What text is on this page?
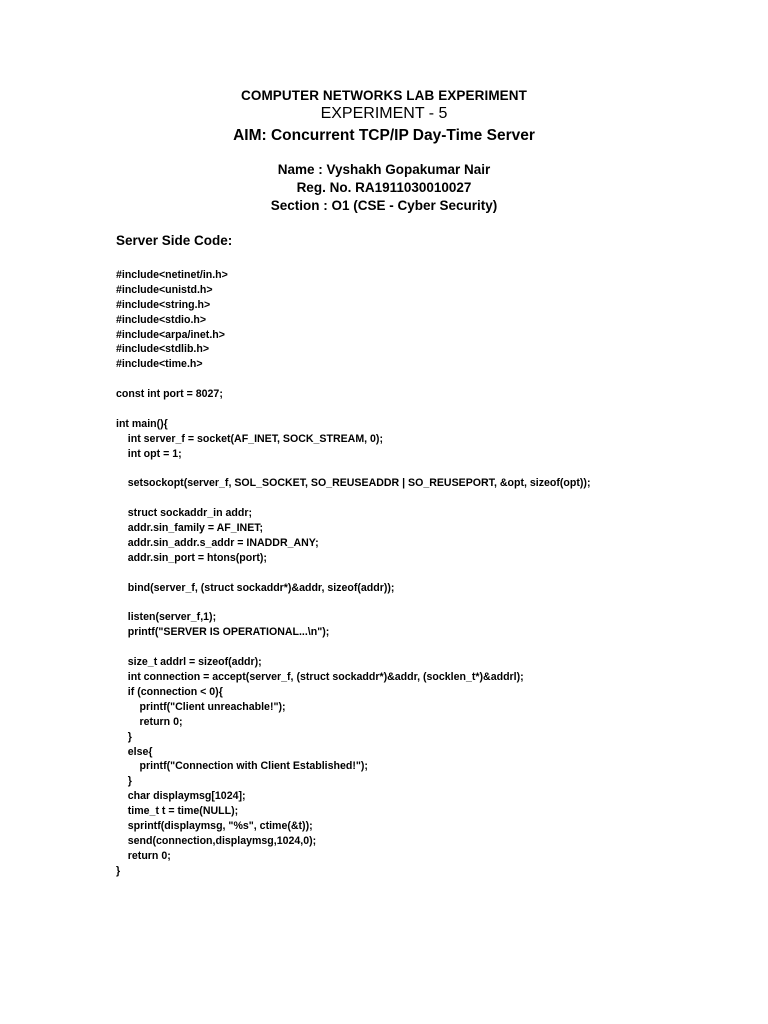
COMPUTER NETWORKS LAB EXPERIMENT
EXPERIMENT - 5
AIM: Concurrent TCP/IP Day-Time Server
Name : Vyshakh Gopakumar Nair
Reg. No. RA1911030010027
Section : O1 (CSE - Cyber Security)
Server Side Code:
#include<netinet/in.h>
#include<unistd.h>
#include<string.h>
#include<stdio.h>
#include<arpa/inet.h>
#include<stdlib.h>
#include<time.h>
const int port = 8027;
int main(){
int server_f = socket(AF_INET, SOCK_STREAM, 0);
int opt = 1;
setsockopt(server_f, SOL_SOCKET, SO_REUSEADDR | SO_REUSEPORT, &opt, sizeof(opt));
struct sockaddr_in addr;
addr.sin_family = AF_INET;
addr.sin_addr.s_addr = INADDR_ANY;
addr.sin_port = htons(port);
bind(server_f, (struct sockaddr*)&addr, sizeof(addr));
listen(server_f,1);
printf("SERVER IS OPERATIONAL...\n");
size_t addrl = sizeof(addr);
int connection = accept(server_f, (struct sockaddr*)&addr, (socklen_t*)&addrl);
if (connection < 0){
printf("Client unreachable!");
return 0;
}
else{
printf("Connection with Client Established!");
}
char displaymsg[1024];
time_t t = time(NULL);
sprintf(displaymsg, "%s", ctime(&t));
send(connection,displaymsg,1024,0);
return 0;
}
